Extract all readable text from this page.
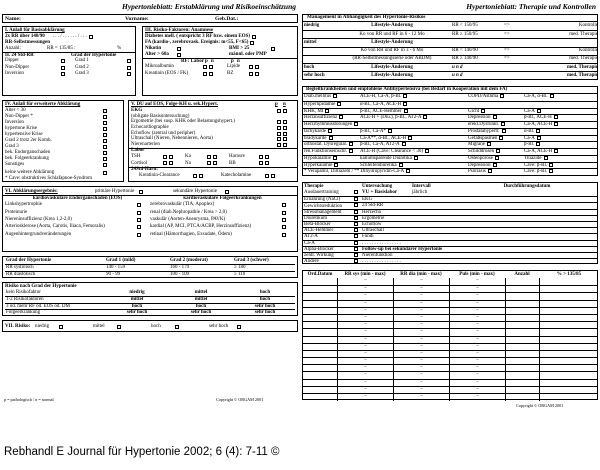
Hypertoniebiatt: Erstabklärung und Risikoeinschätzung
Name:	Vorname:	Geb.Dat.:
I. Anlaß für Basisabklärung
2x RR über 140/90 . . . / . . . . . . / . . .
RR-Selbstmessungen
Anzahl:	RR = 135/85 :	%
II. 24 Std-RR	Grad der Hypertonie
Dipper	Grad 1
Non-Dipper	Grad 2
Inversion	Grad 3
III. Risiko-Faktoren: Anamnese
Diabetes mell. ( entspricht 3 RF bzw. einem EOS)
FA (kardio-, zerebrovask. Ereignis: m<55, F<65)
Nikotin	BMI > 25
Alter > 60a	männl. oder PMP
RF: Labor p n	p n
Mikroalbumin	Lipide
Kreatinin (EOS / FK)	BZ
IV. Anlaß für erweiterte Abklärung
Alter < 30
Non-Dipper *
Inversion
hypertone Krise
hypertensive Krise
Grad 2 trotz 2er Komb.
Grad 3
bek. Endorganschaden
bek. Folgeerkrankung
Sonstiges
keine weitere Abklärung
* Cave: obstruktives Schlafapnoe-Syndrom
V. DU auf EOS, Folge-KH u. sek.Hypert.	p	n
EKG
(obligate Basisuntersuchung)
Ergometrie (bei susp. KHK oder Belastungshypert.)
Echocardiographie
Echoflow (zentral und peripher)
Ultraschall (Nieren, Nebennieren, Aorta)
Nierenarterien
Labor
TSH	Ka	Harnsre
Cortisol	Na	BB
24Std-Harn:
Kreatinin-Clearance	Katecholamine
VI. Abklärungsergebnis:	primäre Hypertonie	sekundäre Hypertonie
kardiovaskuläre Endorganschäden (EOS)	kardiovaskuläre Folgeerkrankungen
Linkshypertrophie
Proteinurie
Niereninsuffizienz (Krea 1,2-2,0)
Arteriosklerose (Aorta, Carotis, Iliaca, Femoralis)
Augenhintergrundveränderungen
zerebrovaskulär (TIA, Apoplex)
renal (diab.Nephropathie / Krea > 2,0)
vaskulär (Aorten-Aneurysma, PAVK)
kardial (AP, MCI, PTCA/ACBP, Herzinsuffizienz)
retinal (Hämorrhagien, Exsudate, Ödem)
Grad der Hypertonie	Grad 1 (mild)	Grad 2 (moderat)	Grad 3 (schwer)
RR systolisch	140 - 159	160 - 179	≥ 180
RR diastolisch	90 - 99	100 - 109	≥ 110
Risiko nach Grad der Hypertonie
kein Risikofaktor	niedrig	mittel	hoch
1-2 Risikofaktoren	mittel	mittel	hoch
3 od. mehr RF od. EOS od. DM	hoch	hoch	sehr hoch
Folgeerkrankung	sehr hoch	sehr hoch	sehr hoch
VII. Risiko: niedrig	mittel	hoch	sehr hoch
p = pathologisch / n = normal	Copyright © OBGAM 2001
Hypertoniebiatt: Therapie und Kontrollen
Management in Abhängigkeit des Hypertonie-Risikos
niedrig	Lifestyle-Änderung	RR < 150/95	=>	Kontrolle
Ko von RR und RF in 6 - 12 Mo	RR ≥ 150/95	=>	med. Therapie
mittel	Lifestyle-Änderung
Ko von RR und RF in 3 - 6 Mo	RR < 140/90	=>	Kontrolle
(RR-Selbstmessungsserie oder ABDM)	RR ≥ 140/90	=>	med. Therapie
hoch	Lifestyle-Änderung	u n d	med. Therapie
sehr hoch	Lifestyle-Änderung	u n d	med. Therapie
Begleitkrankheiten und empfohlene Antihypertensiva (bei Bedarf in Kooperation mit dem FA)
Diab.mellitus	ACE-H, Ca-A, β-Bl.	COPD/Asthma	Ca-A, α-Bl.
Hyperlipidämie	α-Bl., Ca-A, ACE-H
KHK, MI	β-Bl., ACE-Hemmer	Gicht	Ca-A
Herzinsuffizienz	ACE-H + (Diu.), β-Bl., AT2-A	Depression	β-Bl., ACE-H
Herzrhythmusstörungen	erekt.Dysfunkt.	Ca-A, ACE-H
tachykarde	β-Bl., Ca-A*	Prostatahypertr.	α-Bl.
bradykarde	Ca-A**, α-Bl., ACE-H	Gefäßspasmen	Ca-A
orthostat. Dysregulat.	β-Bl., Ca-A, AT2-A	Migräne	β-Bl.
ren.Funktionseinschr.	ACE-H (Cave: Clearance < 30)	Schilddrüsen	Ca-A, ACE-H
Hypokalämie	kaliumsparende Diuretika	Osteoporose	Thiazide
Hyperkalämie	Schleifendiuretika	Depression	Cave: β-Bl.
* Verapamil, Diltiazem / ** Dihydropyridin-Ca-A	Psoriasis	Cave: β-Bl.
Therapie	Untersuchung	Intervall	Durchführungsdatum
Ausdauertraining	VU + Basislabor	jährlich
Ernährung (NaCl)	EKG
Gewichtsreduktion	24 Std-RR
Stressmanagement	Herzecho
Diuretikum	Ergometrie
Beta-Blocker	Echoflow
ACE-Hemmer	Ultraschall
AT2-A	Fundi
Ca-A	. . . . . . . . . . . . . . . .
Alpha-Blocker	Follow-up bei sekundärer Hypertonie
zentr. Wirkung	Nierenfunktion
Andere	. . . . . . . . . . . . . . . .
Ord.Datum	RR sys (min - max)	RR dia (min - max)	Puls (min - max)	Anzahl	% > 135/85
–	–	–
–	–	–
–	–	–
–	–	–
–	–	–
–	–	–
–	–	–
–	–	–
–	–	–
–	–	–
–	–	–
–	–	–
–	–	–
–	–	–
–	–	–
–	–	–
–	–	–
Copyright © OBGAM 2001
Rebhandl E Journal für Hypertonie 2002; 6 (4): 7-11 ©
